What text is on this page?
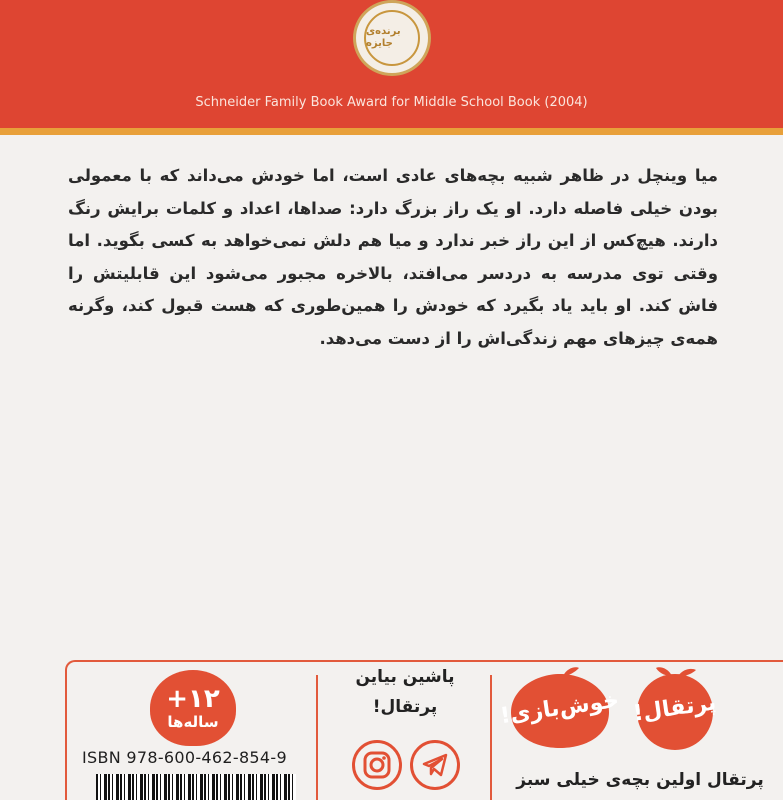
برنده‌ی جایزه
Schneider Family Book Award for Middle School Book (2004)
میا وینچل در ظاهر شبیه بچه‌های عادی است، اما خودش می‌داند که با معمولی بودن خیلی فاصله دارد. او یک راز بزرگ دارد: صداها، اعداد و کلمات برایش رنگ دارند. هیچ‌کس از این راز خبر ندارد و میا هم دلش نمی‌خواهد به کسی بگوید. اما وقتی توی مدرسه به دردسر می‌افتد، بالاخره مجبور می‌شود این قابلیتش را فاش کند. او باید یاد بگیرد که خودش را همین‌طوری که هست قبول کند، وگرنه همه‌ی چیزهای مهم زندگی‌اش را از دست می‌دهد.
+۱۲
ساله‌ها
ISBN 978-600-462-854-9
پاشین بیاین
پرتقال!	خوش‌بازی! پرتقال!
پرتقال اولین بچه‌ی خیلی سبز
